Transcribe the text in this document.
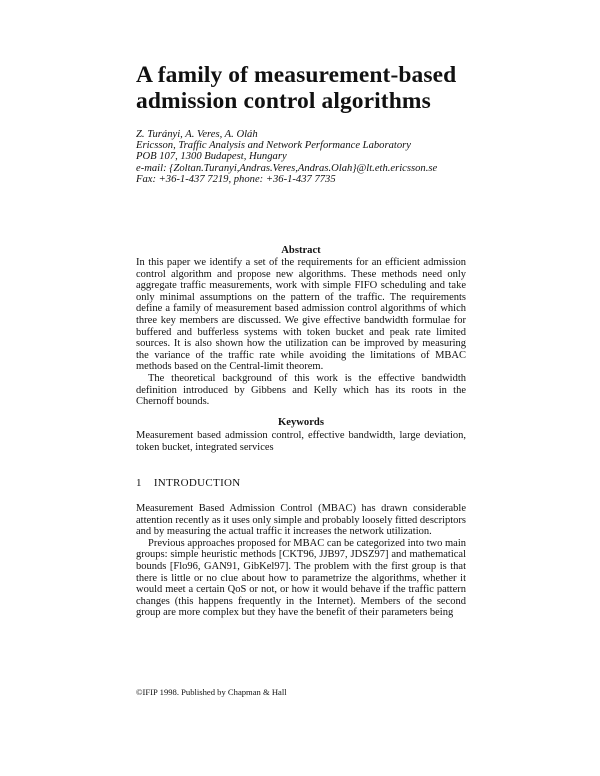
A family of measurement-based admission control algorithms
Z. Turányi, A. Veres, A. Oláh
Ericsson, Traffic Analysis and Network Performance Laboratory
POB 107, 1300 Budapest, Hungary
e-mail: {Zoltan.Turanyi,Andras.Veres,Andras.Olah}@lt.eth.ericsson.se
Fax: +36-1-437 7219, phone: +36-1-437 7735
Abstract

In this paper we identify a set of the requirements for an efficient admission control algorithm and propose new algorithms. These methods need only aggregate traffic measurements, work with simple FIFO scheduling and take only minimal assumptions on the pattern of the traffic. The requirements define a family of measurement based admission control algorithms of which three key members are discussed. We give effective bandwidth formulae for buffered and bufferless systems with token bucket and peak rate limited sources. It is also shown how the utilization can be improved by measuring the variance of the traffic rate while avoiding the limitations of MBAC methods based on the Central-limit theorem.

The theoretical background of this work is the effective bandwidth definition introduced by Gibbens and Kelly which has its roots in the Chernoff bounds.

Keywords

Measurement based admission control, effective bandwidth, large deviation, token bucket, integrated services

1 INTRODUCTION

Measurement Based Admission Control (MBAC) has drawn considerable attention recently as it uses only simple and probably loosely fitted descriptors and by measuring the actual traffic it increases the network utilization.

Previous approaches proposed for MBAC can be categorized into two main groups: simple heuristic methods [CKT96, JJB97, JDSZ97] and mathematical bounds [Flo96, GAN91, GibKel97]. The problem with the first group is that there is little or no clue about how to parametrize the algorithms, whether it would meet a certain QoS or not, or how it would behave if the traffic pattern changes (this happens frequently in the Internet). Members of the second group are more complex but they have the benefit of their parameters being

©IFIP 1998. Published by Chapman & Hall
